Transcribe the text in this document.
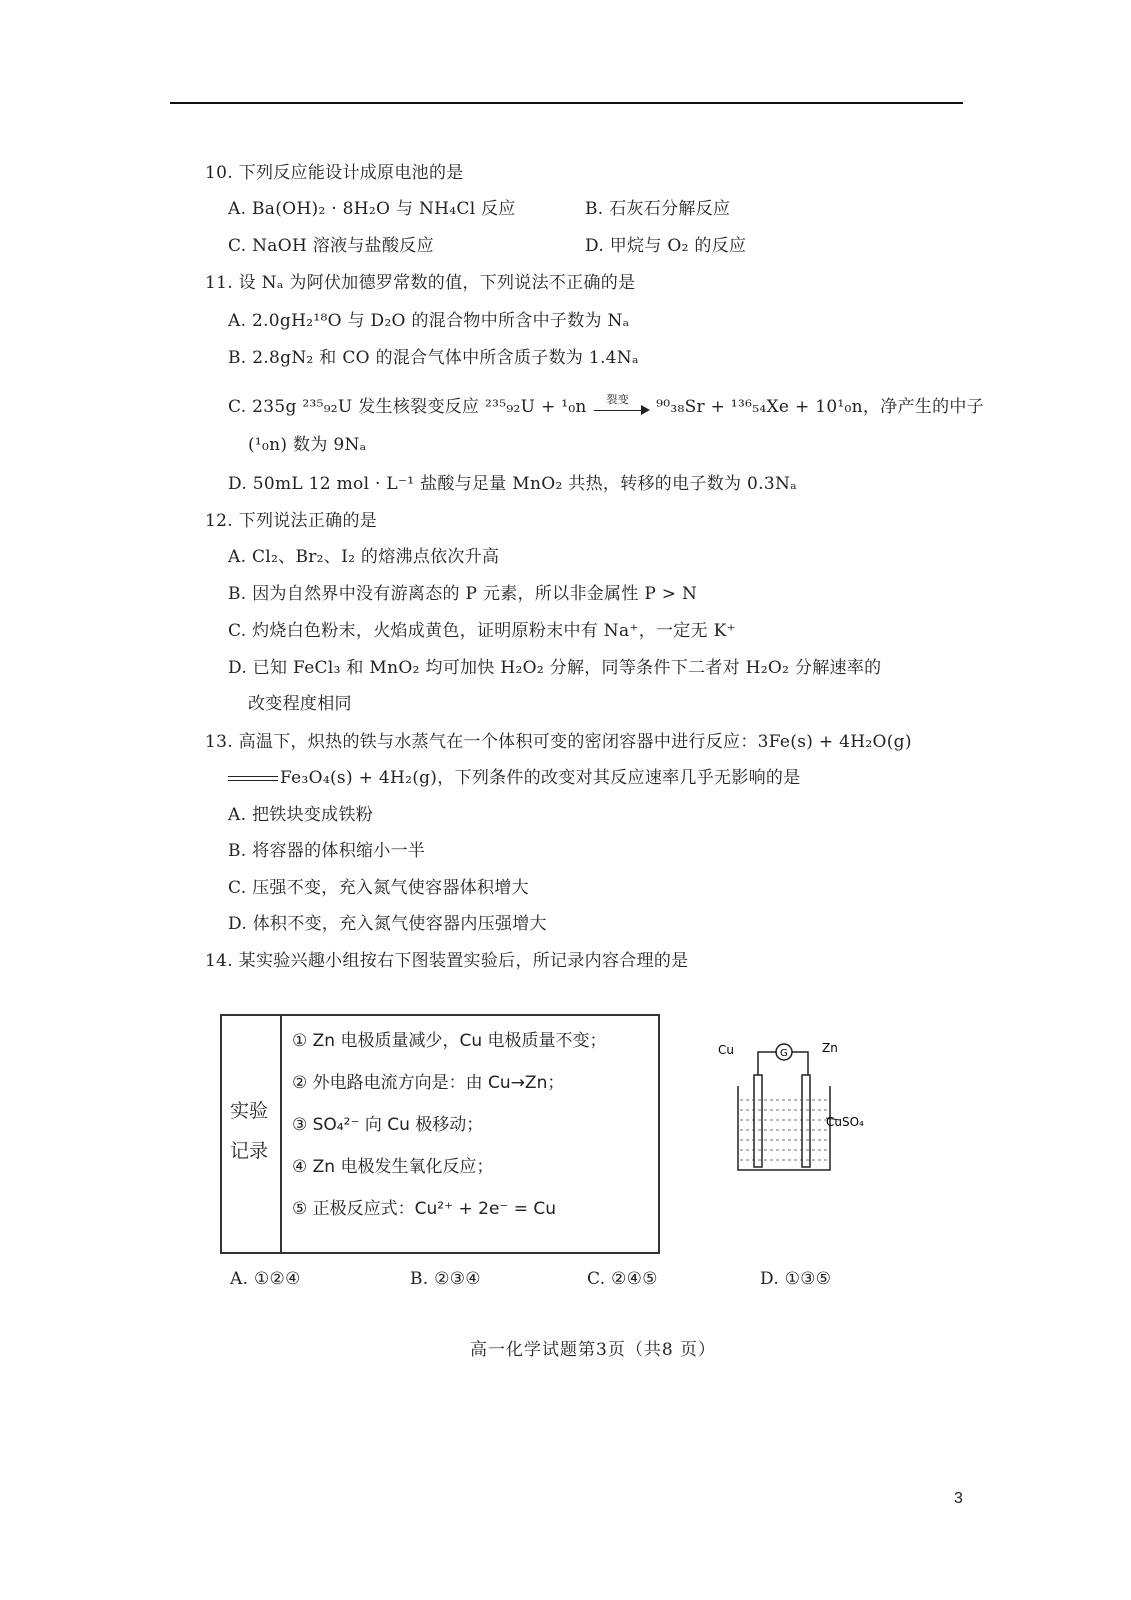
10. 下列反应能设计成原电池的是
A. Ba(OH)₂ · 8H₂O 与 NH₄Cl 反应	B. 石灰石分解反应
C. NaOH 溶液与盐酸反应	D. 甲烷与 O₂ 的反应
11. 设 Nₐ 为阿伏加德罗常数的值，下列说法不正确的是
A. 2.0gH₂¹⁸O 与 D₂O 的混合物中所含中子数为 Nₐ
B. 2.8gN₂ 和 CO 的混合气体中所含质子数为 1.4Nₐ
C. 235g ²³⁵₉₂U 发生核裂变反应 ²³⁵₉₂U + ¹₀n 裂变 ⁹⁰₃₈Sr + ¹³⁶₅₄Xe + 10¹₀n，净产生的中子
(¹₀n) 数为 9Nₐ
D. 50mL 12 mol · L⁻¹ 盐酸与足量 MnO₂ 共热，转移的电子数为 0.3Nₐ
12. 下列说法正确的是
A. Cl₂、Br₂、I₂ 的熔沸点依次升高
B. 因为自然界中没有游离态的 P 元素，所以非金属性 P > N
C. 灼烧白色粉末，火焰成黄色，证明原粉末中有 Na⁺，一定无 K⁺
D. 已知 FeCl₃ 和 MnO₂ 均可加快 H₂O₂ 分解，同等条件下二者对 H₂O₂ 分解速率的
改变程度相同
13. 高温下，炽热的铁与水蒸气在一个体积可变的密闭容器中进行反应：3Fe(s) + 4H₂O(g)
Fe₃O₄(s) + 4H₂(g)，下列条件的改变对其反应速率几乎无影响的是
A. 把铁块变成铁粉
B. 将容器的体积缩小一半
C. 压强不变，充入氮气使容器体积增大
D. 体积不变，充入氮气使容器内压强增大
14. 某实验兴趣小组按右下图装置实验后，所记录内容合理的是
实验
记录
① Zn 电极质量减少，Cu 电极质量不变；
② 外电路电流方向是：由 Cu→Zn；
③ SO₄²⁻ 向 Cu 极移动；
④ Zn 电极发生氧化反应；
⑤ 正极反应式：Cu²⁺ + 2e⁻ = Cu
G
Cu	Zn
CuSO₄
A. ①②④	B. ②③④	C. ②④⑤	D. ①③⑤
高一化学试题第3页（共8 页）
3
